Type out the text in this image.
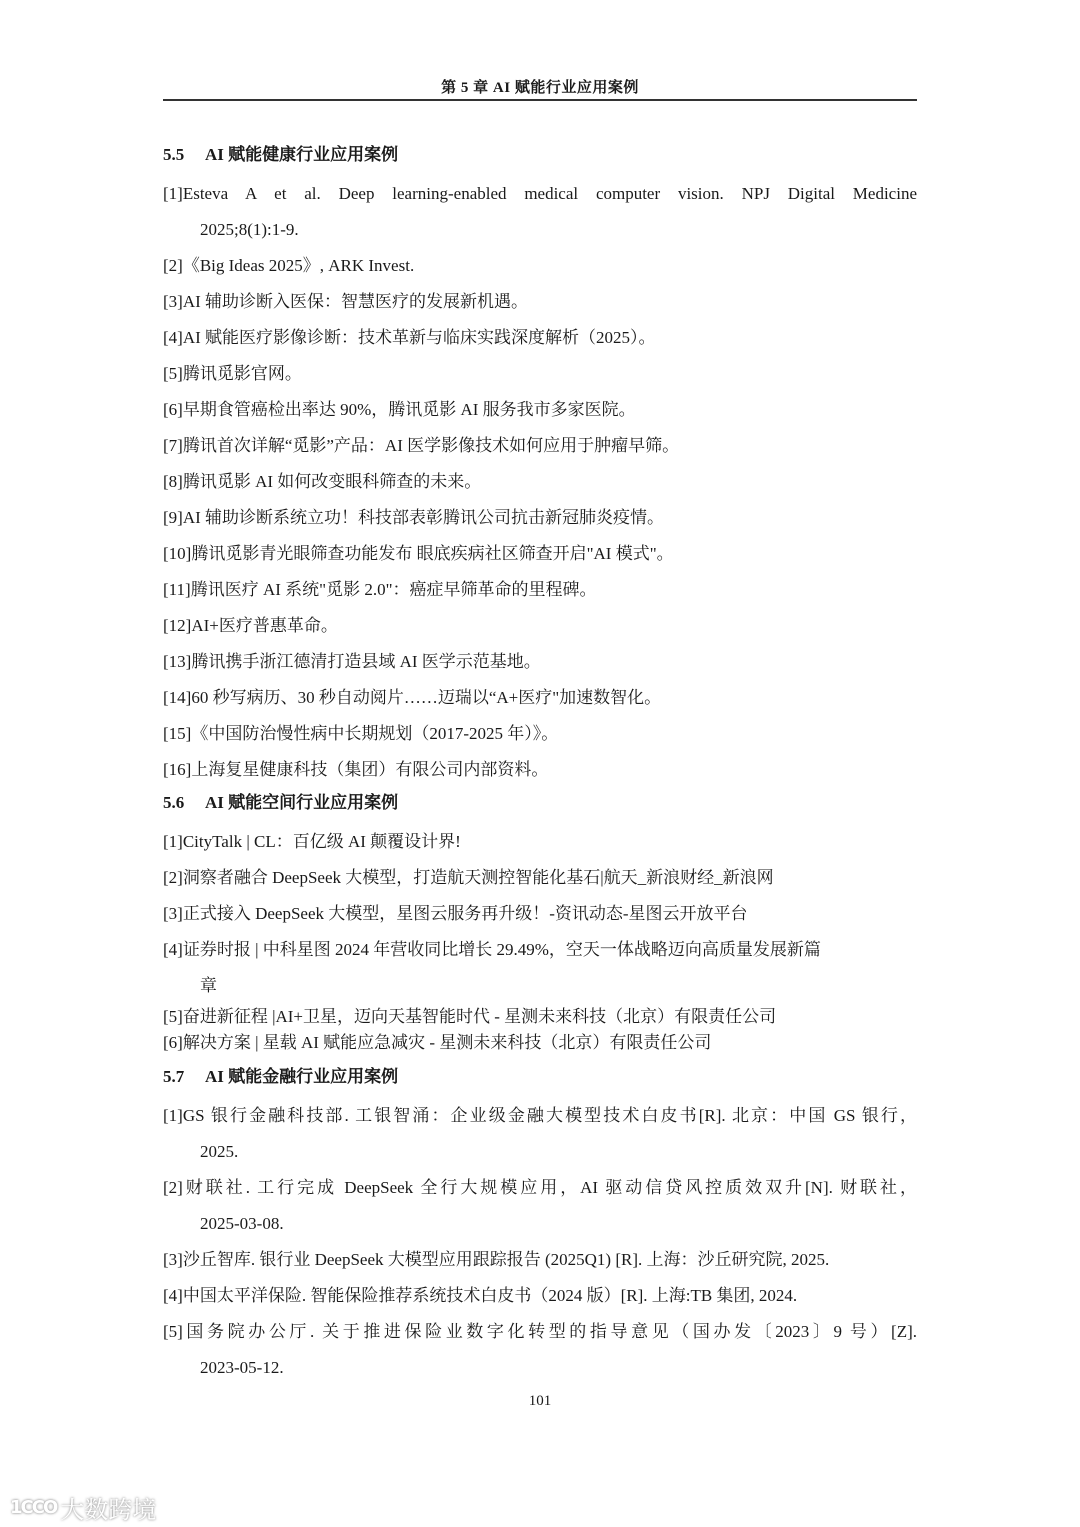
第 5 章 AI 赋能行业应用案例
5.5 AI 赋能健康行业应用案例
[1]Esteva A et al. Deep learning-enabled medical computer vision. NPJ Digital Medicine
2025;8(1):1-9.
[2]《Big Ideas 2025》, ARK Invest.
[3]AI 辅助诊断入医保：智慧医疗的发展新机遇。
[4]AI 赋能医疗影像诊断：技术革新与临床实践深度解析（2025）。
[5]腾讯觅影官网。
[6]早期食管癌检出率达 90%，腾讯觅影 AI 服务我市多家医院。
[7]腾讯首次详解“觅影”产品：AI 医学影像技术如何应用于肿瘤早筛。
[8]腾讯觅影 AI 如何改变眼科筛查的未来。
[9]AI 辅助诊断系统立功！科技部表彰腾讯公司抗击新冠肺炎疫情。
[10]腾讯觅影青光眼筛查功能发布 眼底疾病社区筛查开启"AI 模式"。
[11]腾讯医疗 AI 系统"觅影 2.0"：癌症早筛革命的里程碑。
[12]AI+医疗普惠革命。
[13]腾讯携手浙江德清打造县域 AI 医学示范基地。
[14]60 秒写病历、30 秒自动阅片……迈瑞以“A+医疗"加速数智化。
[15]《中国防治慢性病中长期规划（2017-2025 年）》。
[16]上海复星健康科技（集团）有限公司内部资料。
5.6 AI 赋能空间行业应用案例
[1]CityTalk | CL：百亿级 AI 颠覆设计界!
[2]洞察者融合 DeepSeek 大模型，打造航天测控智能化基石|航天_新浪财经_新浪网
[3]正式接入 DeepSeek 大模型，星图云服务再升级！-资讯动态-星图云开放平台
[4]证券时报 | 中科星图 2024 年营收同比增长 29.49%，空天一体战略迈向高质量发展新篇
章
[5]奋进新征程 |AI+卫星，迈向天基智能时代 - 星测未来科技（北京）有限责任公司
[6]解决方案 | 星载 AI 赋能应急减灾 - 星测未来科技（北京）有限责任公司
5.7 AI 赋能金融行业应用案例
[1]GS 银行金融科技部. 工银智涌：企业级金融大模型技术白皮书[R]. 北京：中国 GS 银行，
2025.
[2]财联社. 工行完成 DeepSeek 全行大规模应用，AI 驱动信贷风控质效双升[N]. 财联社，
2025-03-08.
[3]沙丘智库. 银行业 DeepSeek 大模型应用跟踪报告 (2025Q1) [R]. 上海：沙丘研究院, 2025.
[4]中国太平洋保险. 智能保险推荐系统技术白皮书（2024 版）[R]. 上海:TB 集团, 2024.
[5]国务院办公厅. 关于推进保险业数字化转型的指导意见（国办发〔2023〕9 号）[Z].
2023-05-12.
101
1CCO 大数跨境
